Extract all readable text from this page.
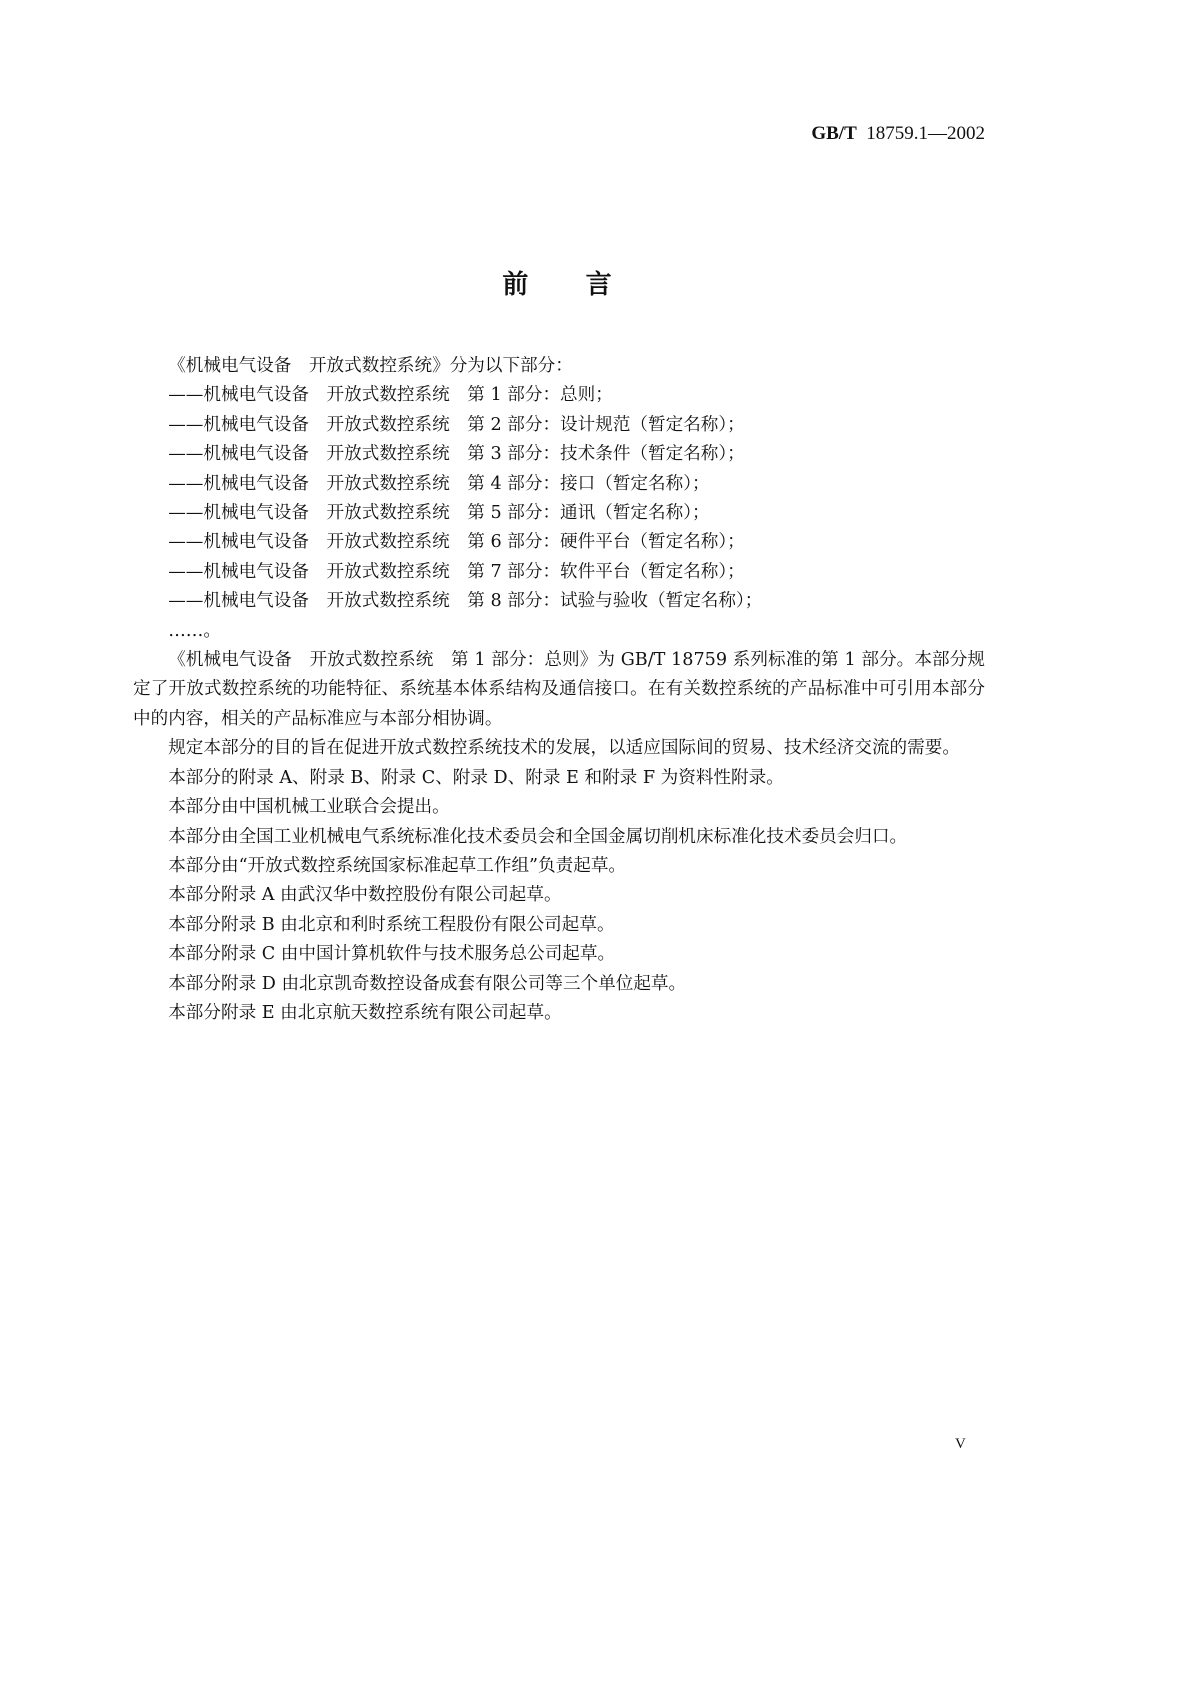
GB/T 18759.1—2002
前言

《机械电气设备　开放式数控系统》分为以下部分：

——机械电气设备　开放式数控系统　第 1 部分：总则；

——机械电气设备　开放式数控系统　第 2 部分：设计规范（暂定名称）；

——机械电气设备　开放式数控系统　第 3 部分：技术条件（暂定名称）；

——机械电气设备　开放式数控系统　第 4 部分：接口（暂定名称）；

——机械电气设备　开放式数控系统　第 5 部分：通讯（暂定名称）；

——机械电气设备　开放式数控系统　第 6 部分：硬件平台（暂定名称）；

——机械电气设备　开放式数控系统　第 7 部分：软件平台（暂定名称）；

——机械电气设备　开放式数控系统　第 8 部分：试验与验收（暂定名称）；

……。

《机械电气设备　开放式数控系统　第 1 部分：总则》为 GB/T 18759 系列标准的第 1 部分。本部分规定了开放式数控系统的功能特征、系统基本体系结构及通信接口。在有关数控系统的产品标准中可引用本部分中的内容，相关的产品标准应与本部分相协调。

规定本部分的目的旨在促进开放式数控系统技术的发展，以适应国际间的贸易、技术经济交流的需要。

本部分的附录 A、附录 B、附录 C、附录 D、附录 E 和附录 F 为资料性附录。

本部分由中国机械工业联合会提出。

本部分由全国工业机械电气系统标准化技术委员会和全国金属切削机床标准化技术委员会归口。

本部分由“开放式数控系统国家标准起草工作组”负责起草。

本部分附录 A 由武汉华中数控股份有限公司起草。

本部分附录 B 由北京和利时系统工程股份有限公司起草。

本部分附录 C 由中国计算机软件与技术服务总公司起草。

本部分附录 D 由北京凯奇数控设备成套有限公司等三个单位起草。

本部分附录 E 由北京航天数控系统有限公司起草。

V
